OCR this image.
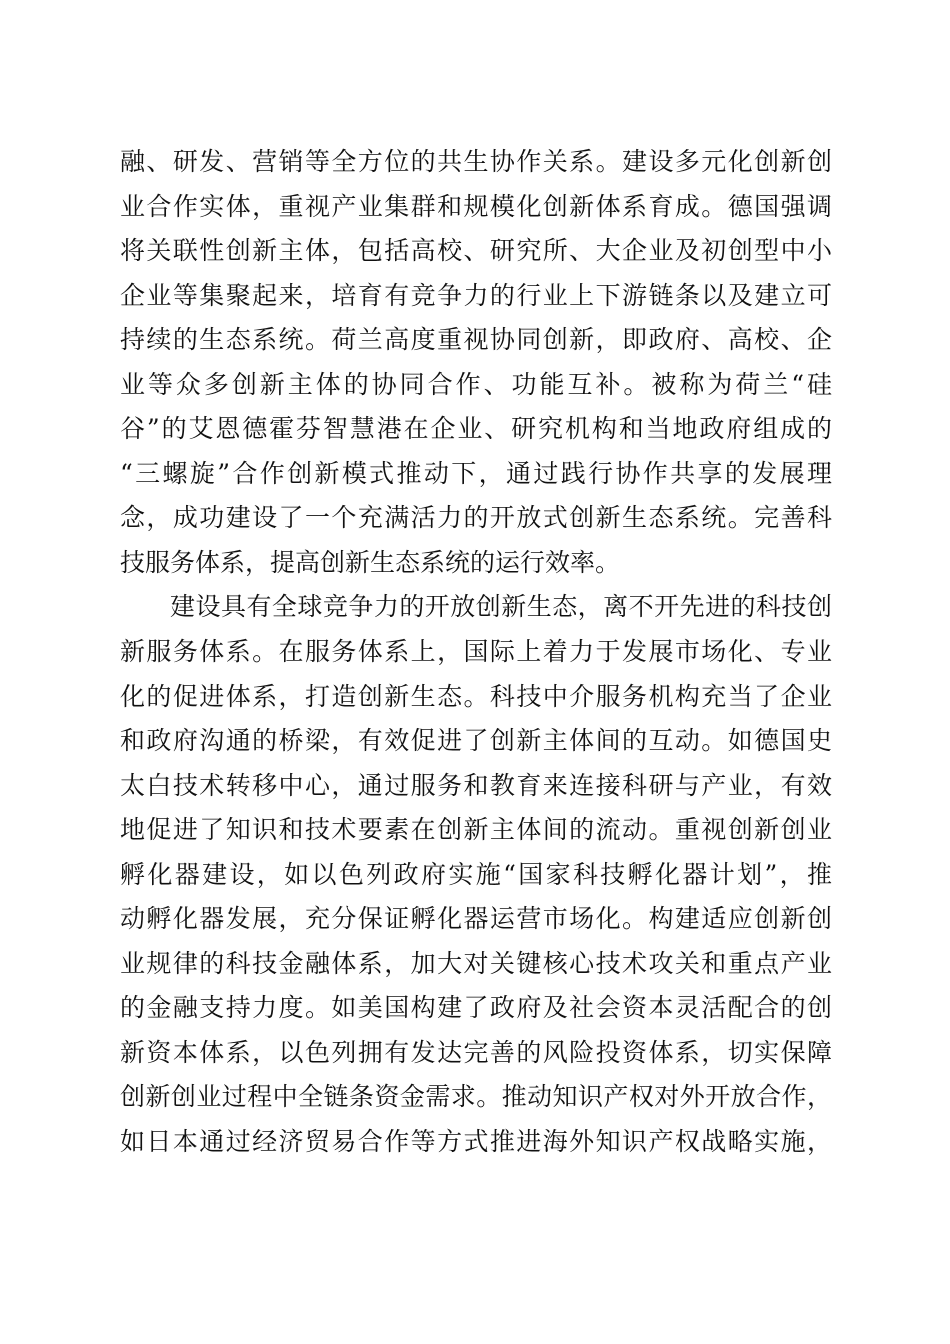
融、研发、营销等全方位的共生协作关系。建设多元化创新创
业合作实体，重视产业集群和规模化创新体系育成。德国强调
将关联性创新主体，包括高校、研究所、大企业及初创型中小
企业等集聚起来，培育有竞争力的行业上下游链条以及建立可
持续的生态系统。荷兰高度重视协同创新，即政府、高校、企
业等众多创新主体的协同合作、功能互补。被称为荷兰“硅
谷”的艾恩德霍芬智慧港在企业、研究机构和当地政府组成的
“三螺旋”合作创新模式推动下，通过践行协作共享的发展理
念，成功建设了一个充满活力的开放式创新生态系统。完善科
技服务体系，提高创新生态系统的运行效率。
建设具有全球竞争力的开放创新生态，离不开先进的科技创
新服务体系。在服务体系上，国际上着力于发展市场化、专业
化的促进体系，打造创新生态。科技中介服务机构充当了企业
和政府沟通的桥梁，有效促进了创新主体间的互动。如德国史
太白技术转移中心，通过服务和教育来连接科研与产业，有效
地促进了知识和技术要素在创新主体间的流动。重视创新创业
孵化器建设，如以色列政府实施“国家科技孵化器计划”，推
动孵化器发展，充分保证孵化器运营市场化。构建适应创新创
业规律的科技金融体系，加大对关键核心技术攻关和重点产业
的金融支持力度。如美国构建了政府及社会资本灵活配合的创
新资本体系，以色列拥有发达完善的风险投资体系，切实保障
创新创业过程中全链条资金需求。推动知识产权对外开放合作，
如日本通过经济贸易合作等方式推进海外知识产权战略实施，
